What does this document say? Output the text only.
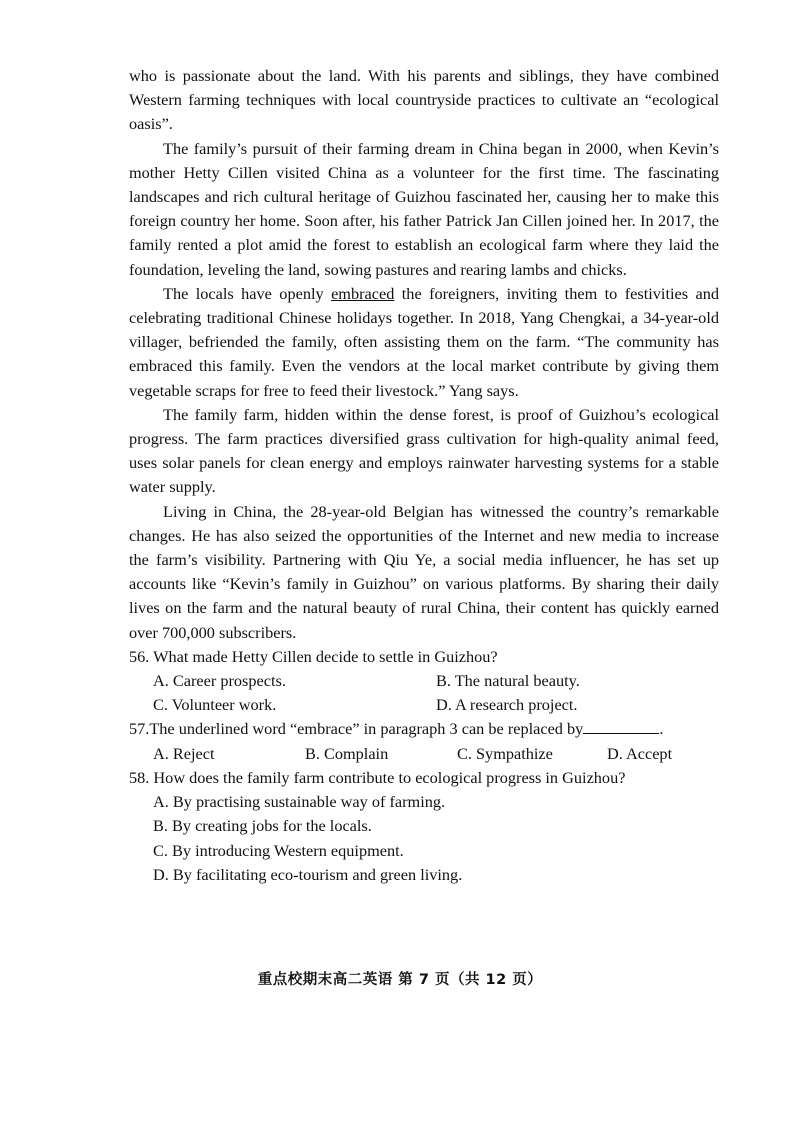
who is passionate about the land. With his parents and siblings, they have combined Western farming techniques with local countryside practices to cultivate an “ecological oasis”.

The family’s pursuit of their farming dream in China began in 2000, when Kevin’s mother Hetty Cillen visited China as a volunteer for the first time. The fascinating landscapes and rich cultural heritage of Guizhou fascinated her, causing her to make this foreign country her home. Soon after, his father Patrick Jan Cillen joined her. In 2017, the family rented a plot amid the forest to establish an ecological farm where they laid the foundation, leveling the land, sowing pastures and rearing lambs and chicks.

The locals have openly embraced the foreigners, inviting them to festivities and celebrating traditional Chinese holidays together. In 2018, Yang Chengkai, a 34-year-old villager, befriended the family, often assisting them on the farm. “The community has embraced this family. Even the vendors at the local market contribute by giving them vegetable scraps for free to feed their livestock.” Yang says.

The family farm, hidden within the dense forest, is proof of Guizhou’s ecological progress. The farm practices diversified grass cultivation for high-quality animal feed, uses solar panels for clean energy and employs rainwater harvesting systems for a stable water supply.

Living in China, the 28-year-old Belgian has witnessed the country’s remarkable changes. He has also seized the opportunities of the Internet and new media to increase the farm’s visibility. Partnering with Qiu Ye, a social media influencer, he has set up accounts like “Kevin’s family in Guizhou” on various platforms. By sharing their daily lives on the farm and the natural beauty of rural China, their content has quickly earned over 700,000 subscribers.

56. What made Hetty Cillen decide to settle in Guizhou?

A. Career prospects.	B. The natural beauty.
C. Volunteer work.	D. A research project.

57.The underlined word “embrace” in paragraph 3 can be replaced by	.

A. Reject	B. Complain	C. Sympathize	D. Accept

58. How does the family farm contribute to ecological progress in Guizhou?

A. By practising sustainable way of farming.

B. By creating jobs for the locals.

C. By introducing Western equipment.

D. By facilitating eco-tourism and green living.

重点校期末高二英语 第 7 页（共 12 页）
